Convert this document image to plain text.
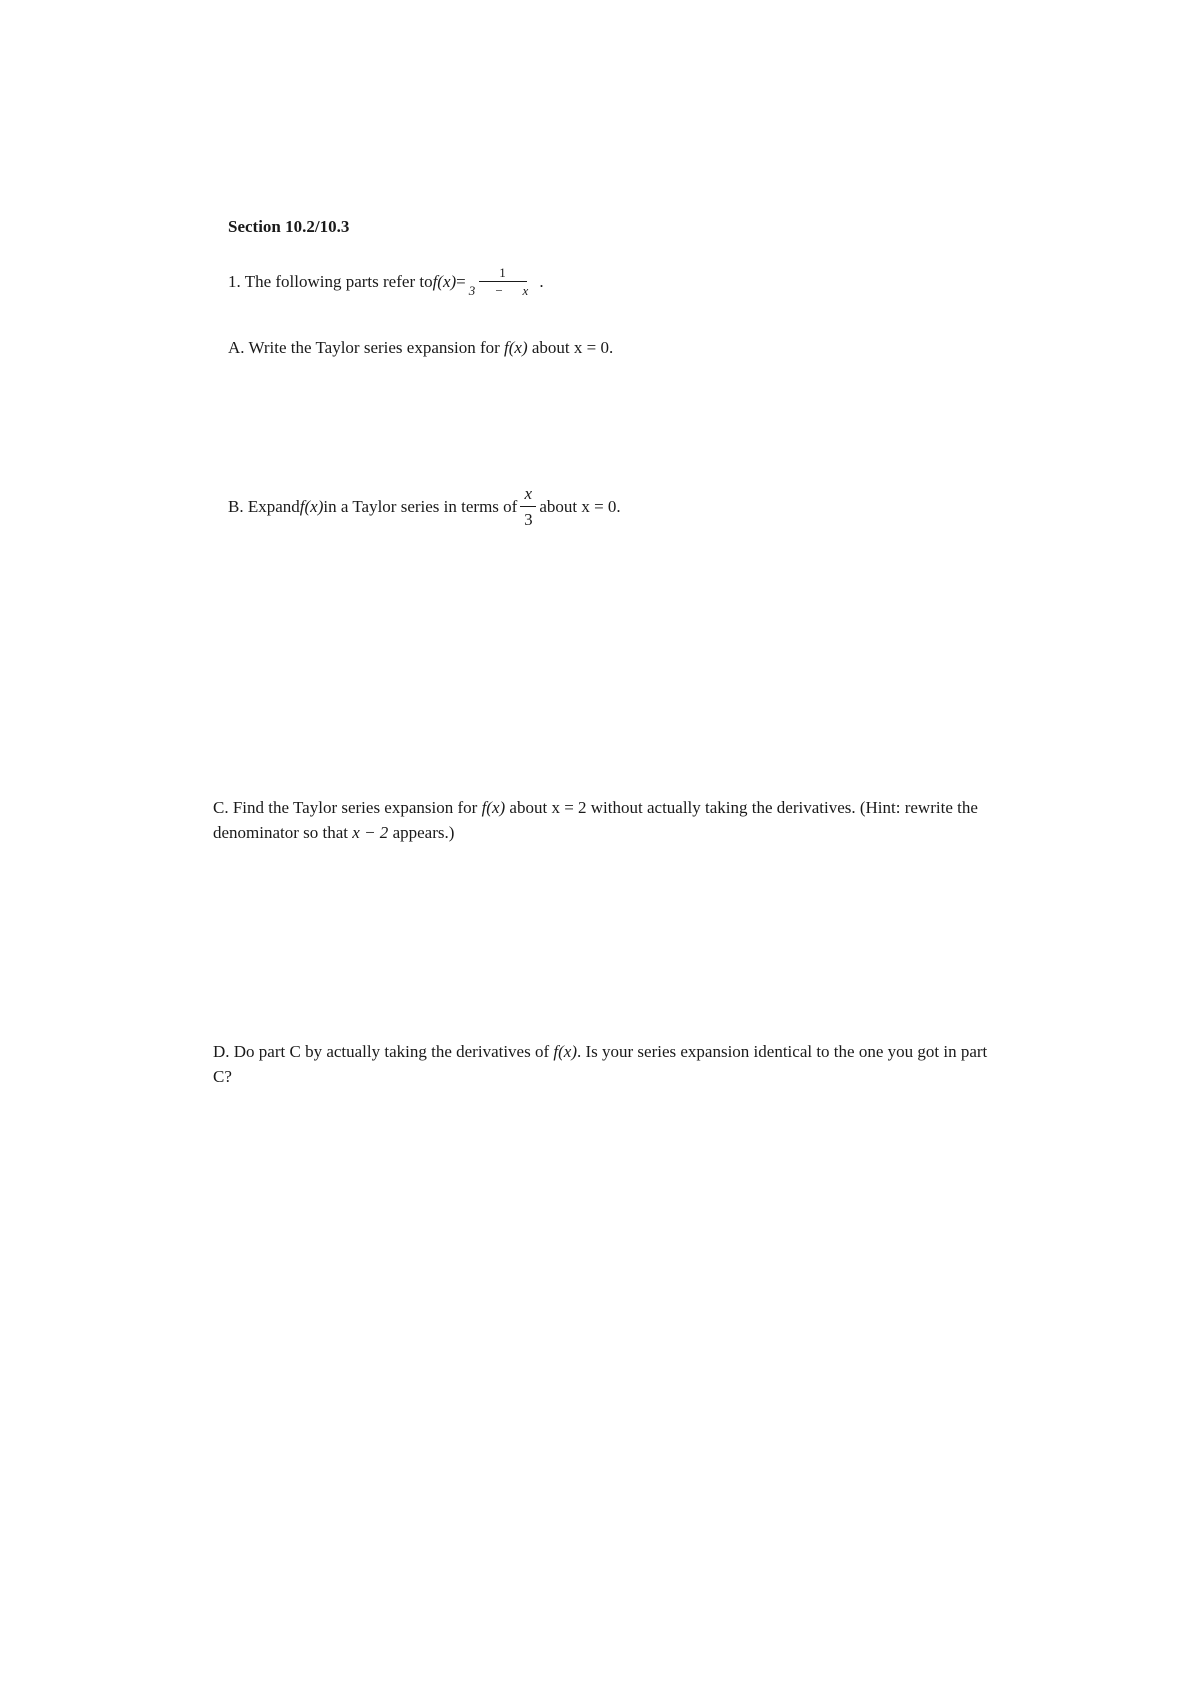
Section 10.2/10.3
1. The following parts refer $tof(x)= \frac{1}{3 - x}$ .
A. Write the Taylor series expansion for f(x) about x = 0.
B. Expandf(x)in a Taylor series in terms of $\frac{x}{3}$ about x = 0.
C. Find the Taylor series expansion for f(x) about x = 2 without actually taking the derivatives. (Hint: rewrite the denominator so that x − 2 appears.)
D. Do part C by actually taking the derivatives of f(x). Is your series expansion identical to the one you got in part C?
